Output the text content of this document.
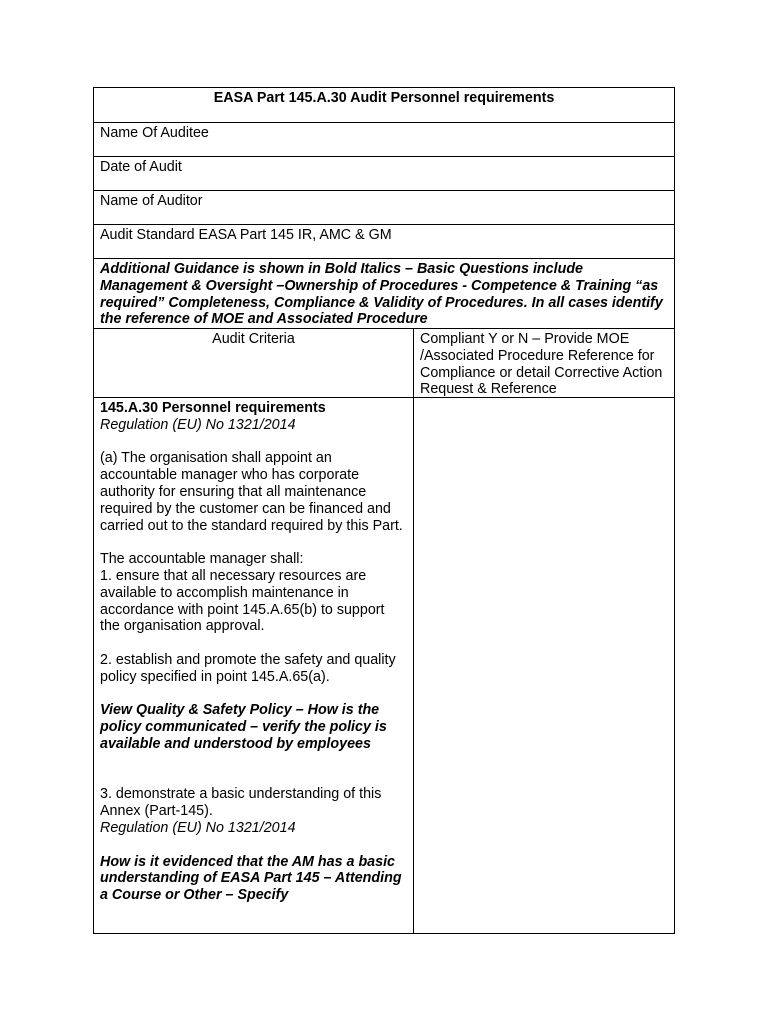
EASA Part 145.A.30 Audit Personnel requirements
Name Of Auditee
Date of Audit
Name of Auditor
Audit Standard EASA Part 145 IR, AMC & GM
Additional Guidance is shown in Bold Italics – Basic Questions include Management & Oversight –Ownership of Procedures - Competence & Training “as required” Completeness, Compliance & Validity of Procedures. In all cases identify the reference of MOE and Associated Procedure
Audit Criteria	Compliant Y or N – Provide MOE /Associated Procedure Reference for Compliance or detail Corrective Action Request & Reference

145.A.30 Personnel requirements

Regulation (EU) No 1321/2014

(a) The organisation shall appoint an accountable manager who has corporate authority for ensuring that all maintenance required by the customer can be financed and carried out to the standard required by this Part.

The accountable manager shall:

1. ensure that all necessary resources are available to accomplish maintenance in accordance with point 145.A.65(b) to support the organisation approval.

2. establish and promote the safety and quality policy specified in point 145.A.65(a).

View Quality & Safety Policy – How is the policy communicated – verify the policy is available and understood by employees

3. demonstrate a basic understanding of this Annex (Part-145).

Regulation (EU) No 1321/2014

How is it evidenced that the AM has a basic understanding of EASA Part 145 – Attending a Course or Other – Specify
